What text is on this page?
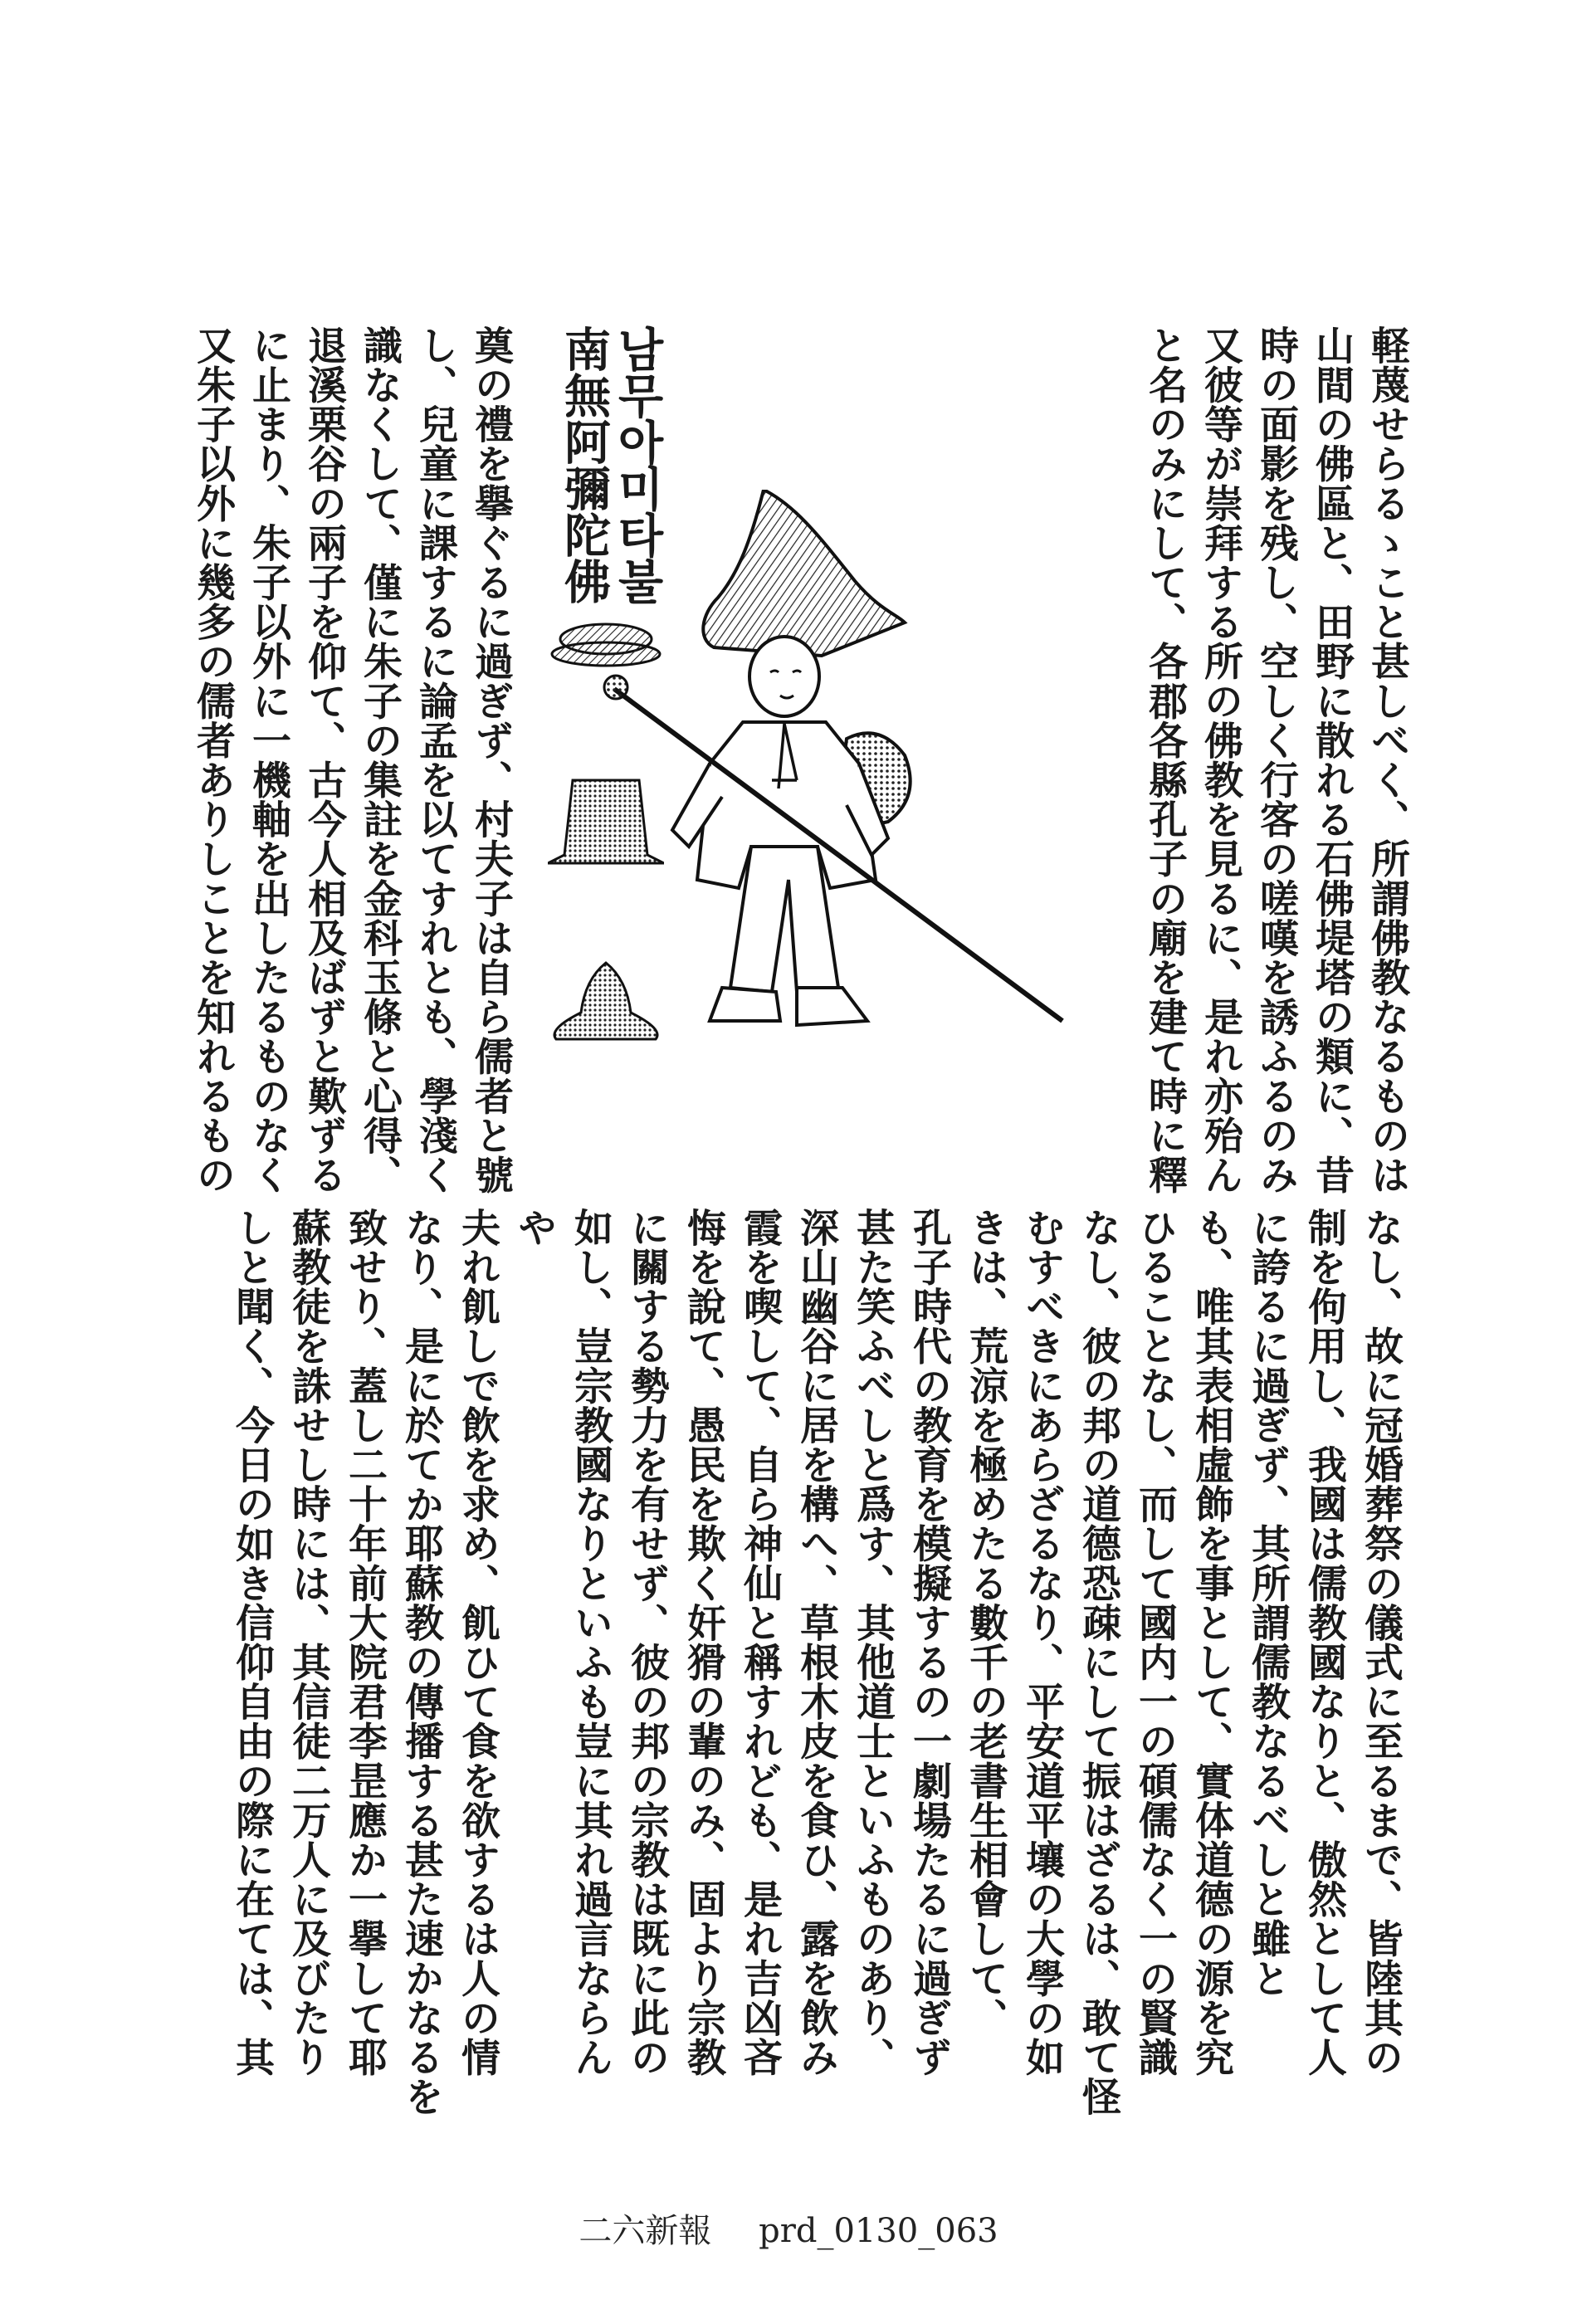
軽蔑せらるゝこと甚しべく、所謂佛教なるものは
山間の佛區と、田野に散れる石佛堤塔の類に、昔
時の面影を残し、空しく行客の嗟嘆を誘ふるのみ
又彼等が崇拜する所の佛教を見るに、是れ亦殆ん
と名のみにして、各郡各縣孔子の廟を建て時に釋
남무아미타불
南無阿彌陀佛
奠の禮を擧ぐるに過ぎず、村夫子は自ら儒者と號
し、兒童に課するに論孟を以てすれとも、學淺く
識なくして、僅に朱子の集註を金科玉條と心得、
退溪栗谷の兩子を仰て、古今人相及ばずと歎ずる
に止まり、朱子以外に一機軸を出したるものなく
又朱子以外に幾多の儒者ありしことを知れるもの
なし、故に冠婚葬祭の儀式に至るまで、皆陸其の
制を佝用し、我國は儒教國なりと、傲然として人
に誇るに過ぎず、其所謂儒教なるべしと雖と
も、唯其表相虛飾を事として、實体道德の源を究
ひることなし、而して國内一の碩儒なく一の賢識
なし、彼の邦の道德恐疎にして振はざるは、敢て怪
むすべきにあらざるなり、平安道平壤の大學の如
きは、荒涼を極めたる數千の老書生相會して、
孔子時代の教育を模擬するの一劇場たるに過ぎず
甚た笑ふべしと爲す、其他道士といふものあり、
深山幽谷に居を構へ、草根木皮を食ひ、露を飲み
霞を喫して、自ら神仙と稱すれども、是れ吉凶吝
悔を說て、愚民を欺く奸猾の輩のみ、固より宗教
に關する勢力を有せず、彼の邦の宗教は既に此の
如し、豈宗教國なりといふも豈に其れ過言ならん
や
夫れ飢しで飲を求め、飢ひて食を欲するは人の情
なり、是に於てか耶蘇教の傳播する甚た速かなるを
致せり、蓋し二十年前大院君李昰應か一擧して耶
蘇教徒を誅せし時には、其信徒二万人に及びたり
しと聞く、今日の如き信仰自由の際に在ては、其
二六新報 prd_0130_063
